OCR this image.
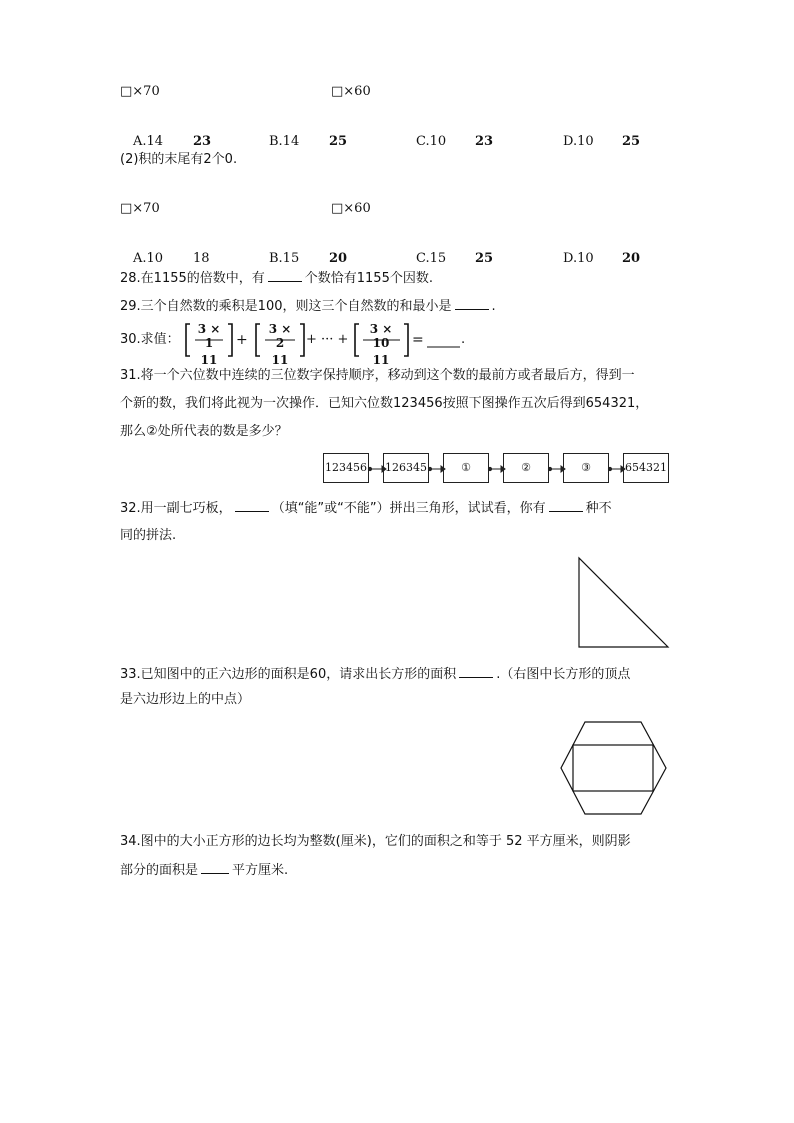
□×70	□×60
A.14 23	B.14 25	C.10 23	D.10 25
(2)积的末尾有2个0.
□×70	□×60
A.10 18	B.15 20	C.15 25	D.10 20
28.在1155的倍数中，有	个数恰有1155个因数.
29.三个自然数的乘积是100，则这三个自然数的和最小是	.
30.求值：
3 × 1
11
+
3 × 2
11
+ ··· +
3 × 10
11
=	.
31.将一个六位数中连续的三位数字保持顺序，移动到这个数的最前方或者最后方，得到一
个新的数，我们将此视为一次操作．已知六位数123456按照下图操作五次后得到654321，
那么②处所代表的数是多少？
123456 126345	①	②	③	654321
32.用一副七巧板，	（填“能”或“不能”）拼出三角形，试试看，你有	种不
同的拼法.
33.已知图中的正六边形的面积是60，请求出长方形的面积	.（右图中长方形的顶点
是六边形边上的中点）
34.图中的大小正方形的边长均为整数(厘米)，它们的面积之和等于 52 平方厘米，则阴影
部分的面积是	平方厘米.
